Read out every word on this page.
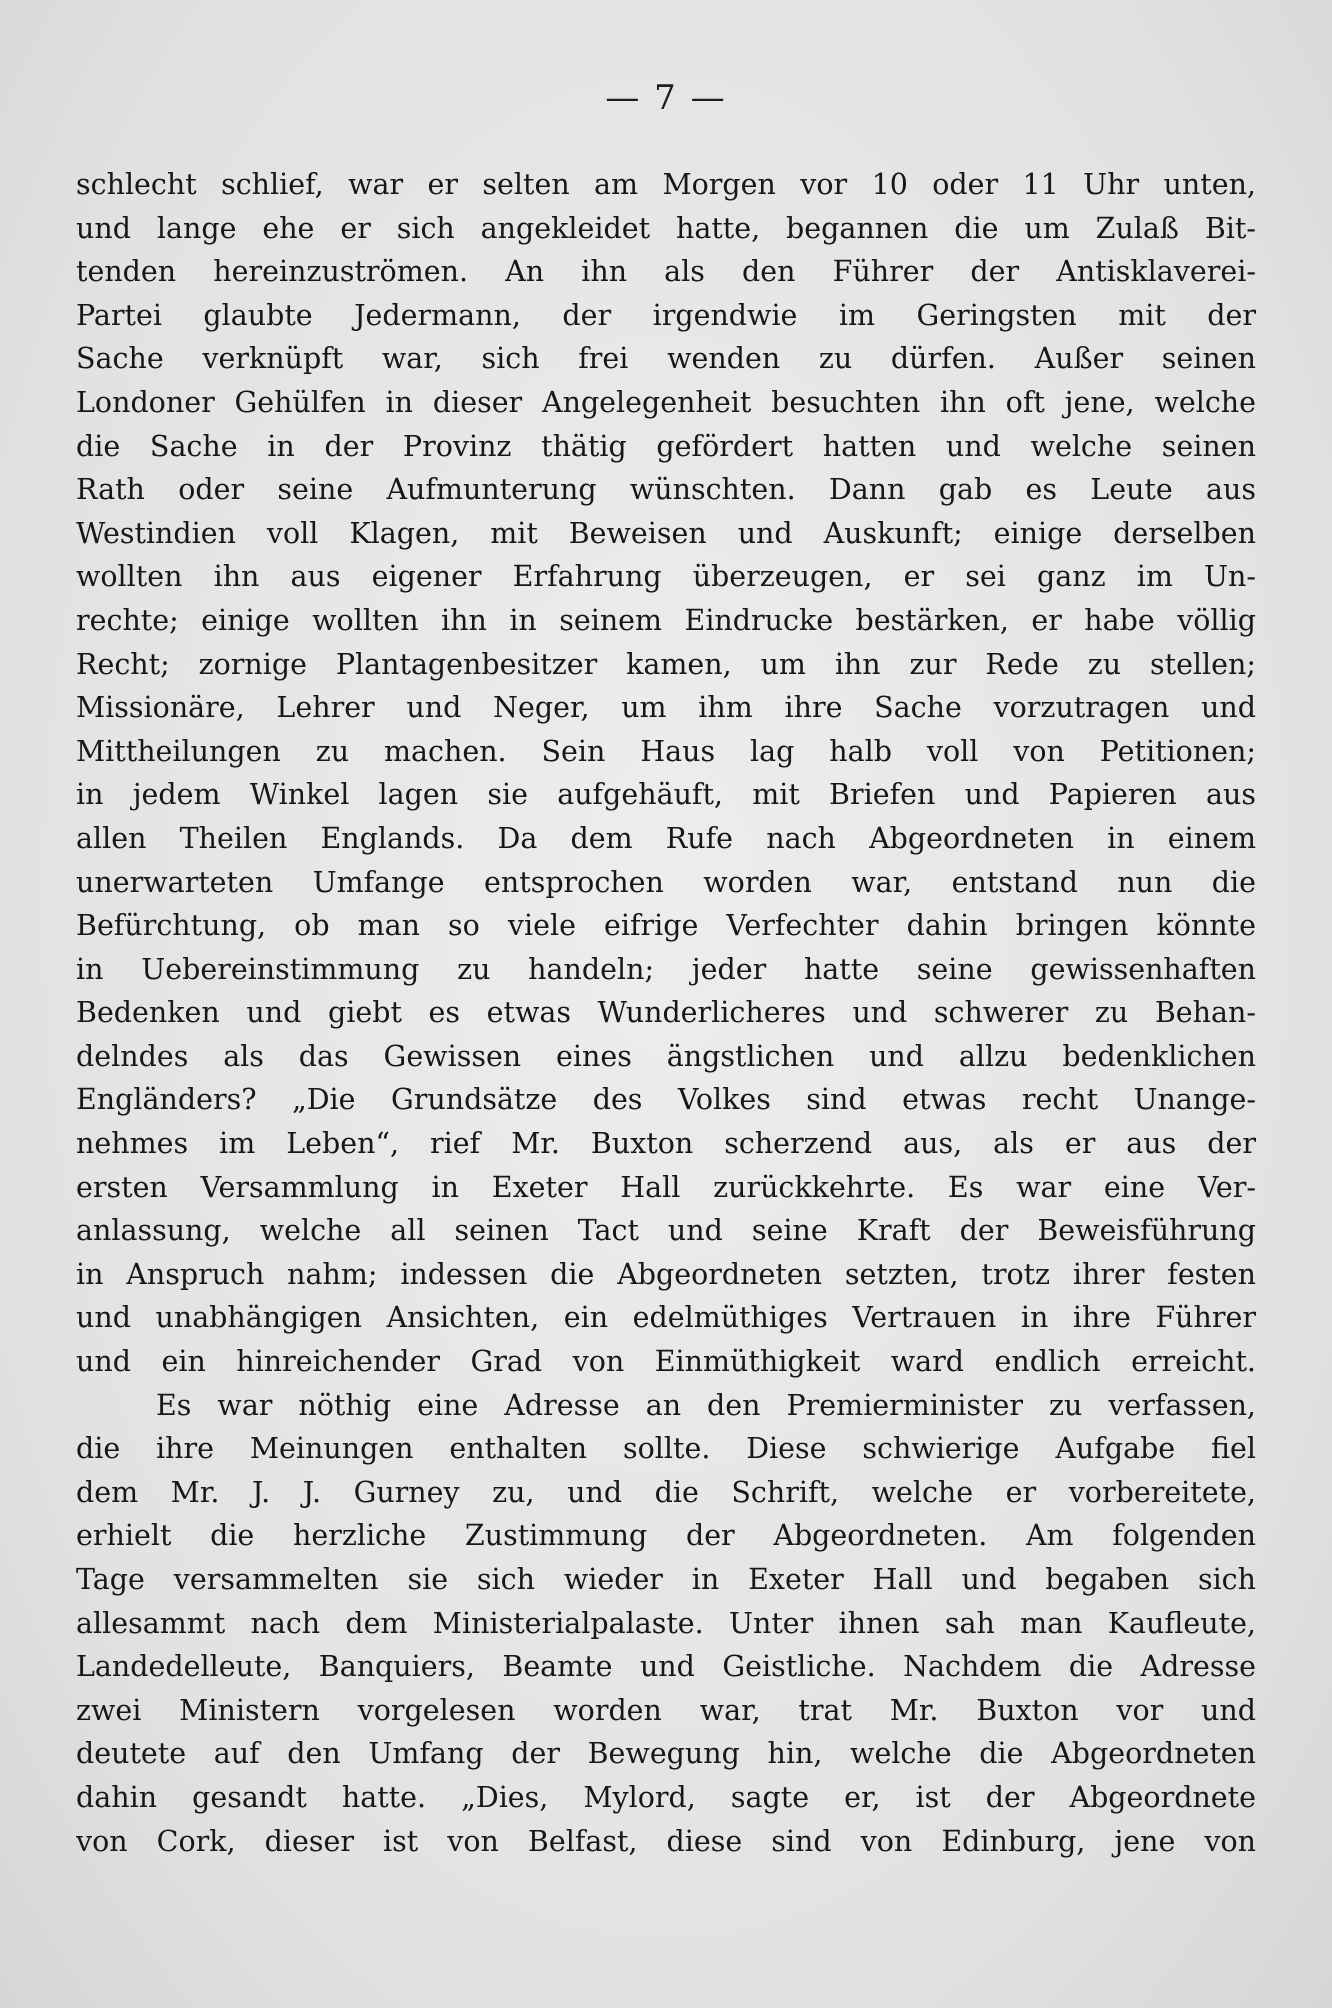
— 7 —
schlecht schlief, war er selten am Morgen vor 10 oder 11 Uhr unten,
und lange ehe er sich angekleidet hatte, begannen die um Zulaß Bit-
tenden hereinzuströmen. An ihn als den Führer der Antisklaverei-
Partei glaubte Jedermann, der irgendwie im Geringsten mit der
Sache verknüpft war, sich frei wenden zu dürfen. Außer seinen
Londoner Gehülfen in dieser Angelegenheit besuchten ihn oft jene, welche
die Sache in der Provinz thätig gefördert hatten und welche seinen
Rath oder seine Aufmunterung wünschten. Dann gab es Leute aus
Westindien voll Klagen, mit Beweisen und Auskunft; einige derselben
wollten ihn aus eigener Erfahrung überzeugen, er sei ganz im Un-
rechte; einige wollten ihn in seinem Eindrucke bestärken, er habe völlig
Recht; zornige Plantagenbesitzer kamen, um ihn zur Rede zu stellen;
Missionäre, Lehrer und Neger, um ihm ihre Sache vorzutragen und
Mittheilungen zu machen. Sein Haus lag halb voll von Petitionen;
in jedem Winkel lagen sie aufgehäuft, mit Briefen und Papieren aus
allen Theilen Englands. Da dem Rufe nach Abgeordneten in einem
unerwarteten Umfange entsprochen worden war, entstand nun die
Befürchtung, ob man so viele eifrige Verfechter dahin bringen könnte
in Uebereinstimmung zu handeln; jeder hatte seine gewissenhaften
Bedenken und giebt es etwas Wunderlicheres und schwerer zu Behan-
delndes als das Gewissen eines ängstlichen und allzu bedenklichen
Engländers? „Die Grundsätze des Volkes sind etwas recht Unange-
nehmes im Leben“, rief Mr. Buxton scherzend aus, als er aus der
ersten Versammlung in Exeter Hall zurückkehrte. Es war eine Ver-
anlassung, welche all seinen Tact und seine Kraft der Beweisführung
in Anspruch nahm; indessen die Abgeordneten setzten, trotz ihrer festen
und unabhängigen Ansichten, ein edelmüthiges Vertrauen in ihre Führer
und ein hinreichender Grad von Einmüthigkeit ward endlich erreicht.
Es war nöthig eine Adresse an den Premierminister zu verfassen,
die ihre Meinungen enthalten sollte. Diese schwierige Aufgabe fiel
dem Mr. J. J. Gurney zu, und die Schrift, welche er vorbereitete,
erhielt die herzliche Zustimmung der Abgeordneten. Am folgenden
Tage versammelten sie sich wieder in Exeter Hall und begaben sich
allesammt nach dem Ministerialpalaste. Unter ihnen sah man Kaufleute,
Landedelleute, Banquiers, Beamte und Geistliche. Nachdem die Adresse
zwei Ministern vorgelesen worden war, trat Mr. Buxton vor und
deutete auf den Umfang der Bewegung hin, welche die Abgeordneten
dahin gesandt hatte. „Dies, Mylord, sagte er, ist der Abgeordnete
von Cork, dieser ist von Belfast, diese sind von Edinburg, jene von
